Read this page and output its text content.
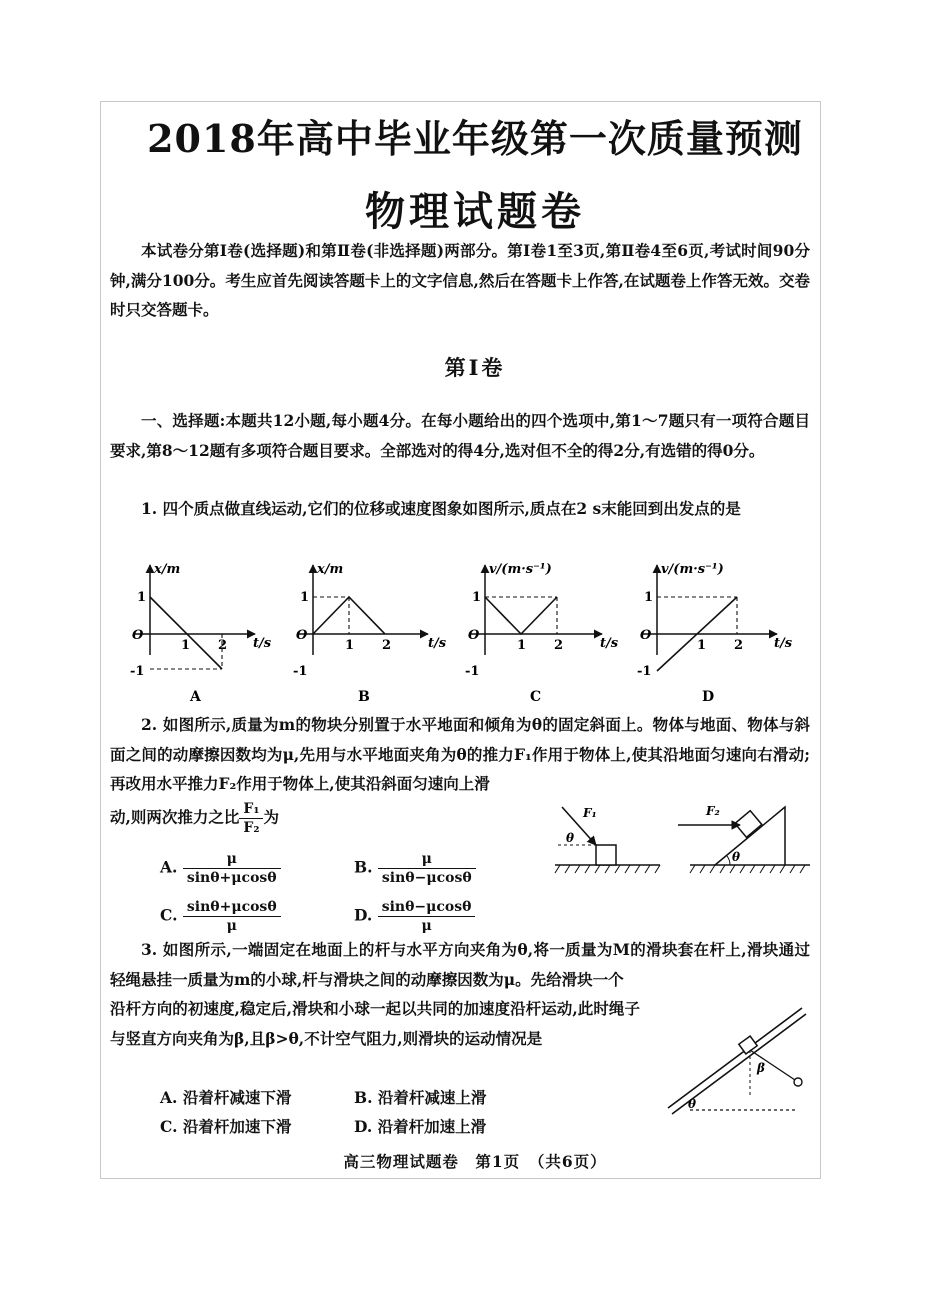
2018年高中毕业年级第一次质量预测
物理试题卷
本试卷分第Ⅰ卷(选择题)和第Ⅱ卷(非选择题)两部分。第Ⅰ卷1至3页,第Ⅱ卷4至6页,考试时间90分钟,满分100分。考生应首先阅读答题卡上的文字信息,然后在答题卡上作答,在试题卷上作答无效。交卷时只交答题卡。
第Ⅰ卷
一、选择题:本题共12小题,每小题4分。在每小题给出的四个选项中,第1～7题只有一项符合题目要求,第8～12题有多项符合题目要求。全部选对的得4分,选对但不全的得2分,有选错的得0分。
1. 四个质点做直线运动,它们的位移或速度图象如图所示,质点在2 s末能回到出发点的是
x/m
t/s
1
-1
O
1 2
A
x/m
t/s
1
-1
O
1 2
B
v/(m·s⁻¹)
t/s
1
-1
O
1 2
C
v/(m·s⁻¹)
t/s
1
-1
O
1 2
D
2. 如图所示,质量为m的物块分别置于水平地面和倾角为θ的固定斜面上。物体与地面、物体与斜面之间的动摩擦因数均为μ,先用与水平地面夹角为θ的推力F₁作用于物体上,使其沿地面匀速向右滑动;再改用水平推力F₂作用于物体上,使其沿斜面匀速向上滑
动,则两次推力之比 $\frac{\text{F₁}}{\text{F₂}}$ 为
A. $\frac{\mu}{\sin\theta+\mu\cos\theta}$	B. $\frac{\mu}{\sin\theta-\mu\cos\theta}$
C. $\frac{\sin\theta+\mu\cos\theta}{\mu}$	D. $\frac{\sin\theta-\mu\cos\theta}{\mu}$
F₁
θ
F₂
θ
3. 如图所示,一端固定在地面上的杆与水平方向夹角为θ,将一质量为M的滑块套在杆上,滑块通过轻绳悬挂一质量为m的小球,杆与滑块之间的动摩擦因数为μ。先给滑块一个
沿杆方向的初速度,稳定后,滑块和小球一起以共同的加速度沿杆运动,此时绳子与竖直方向夹角为β,且β>θ,不计空气阻力,则滑块的运动情况是
A. 沿着杆减速下滑	B. 沿着杆减速上滑
C. 沿着杆加速下滑	D. 沿着杆加速上滑
β
θ
高三物理试题卷　第1页　（共6页）
